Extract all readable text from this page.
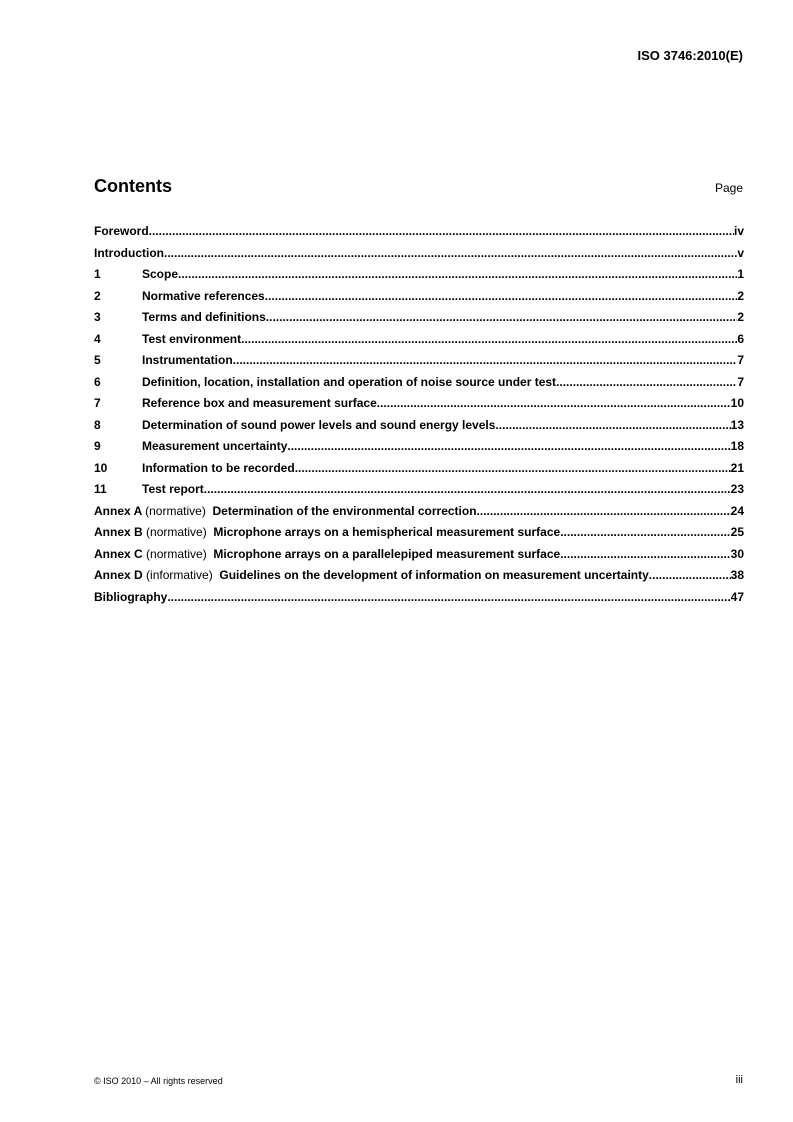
ISO 3746:2010(E)
Contents	Page
Foreword .....	iv
Introduction .....	v
1	Scope .....	1
2	Normative references .....	2
3	Terms and definitions .....	2
4	Test environment .....	6
5	Instrumentation .....	7
6	Definition, location, installation and operation of noise source under test .....	7
7	Reference box and measurement surface .....	10
8	Determination of sound power levels and sound energy levels .....	13
9	Measurement uncertainty .....	18
10	Information to be recorded .....	21
11	Test report .....	23
Annex A (normative) Determination of the environmental correction .....	24
Annex B (normative) Microphone arrays on a hemispherical measurement surface .....	25
Annex C (normative) Microphone arrays on a parallelepiped measurement surface .....	30
Annex D (informative) Guidelines on the development of information on measurement uncertainty .....	38
Bibliography .....	47
© ISO 2010 – All rights reserved	iii
